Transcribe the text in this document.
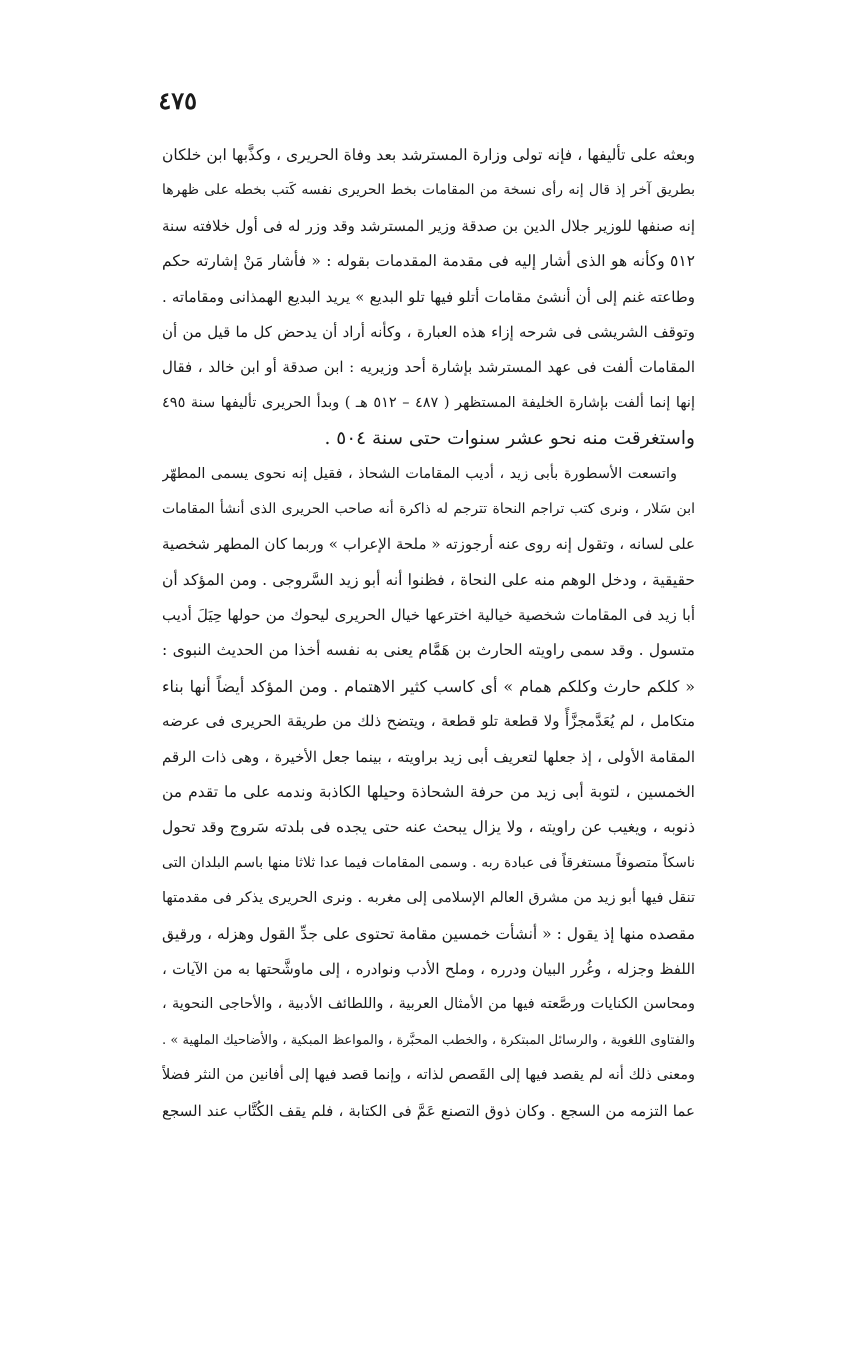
٤٧٥
وبعثه على تأليفها ، فإنه تولى وزارة المسترشد بعد وفاة الحريرى ، وكذَّبها ابن خلكان
بطريق آخر إذ قال إنه رأى نسخة من المقامات بخط الحريرى نفسه كَتب بخطه على ظهرها
إنه صنفها للوزير جلال الدين بن صدقة وزير المسترشد وقد وزر له فى أول خلافته سنة
٥١٢ وكأنه هو الذى أشار إليه فى مقدمة المقدمات بقوله : « فأشار مَنْ إشارته حكم
وطاعته غنم إلى أن أنشئ مقامات أتلو فيها تلو البديع » يريد البديع الهمذانى ومقاماته .
وتوقف الشريشى فى شرحه إزاء هذه العبارة ، وكأنه أراد أن يدحض كل ما قيل من أن
المقامات ألفت فى عهد المسترشد بإشارة أحد وزيريه : ابن صدقة أو ابن خالد ، فقال
إنها إنما ألفت بإشارة الخليفة المستظهر ( ٤٨٧ – ٥١٢ هـ ) وبدأ الحريرى تأليفها سنة ٤٩٥
واستغرقت منه نحو عشر سنوات حتى سنة ٥٠٤ .
واتسعت الأسطورة بأبى زيد ، أديب المقامات الشحاذ ، فقيل إنه نحوى يسمى المطهّر
ابن سَلار ، ونرى كتب تراجم النحاة تترجم له ذاكرة أنه صاحب الحريرى الذى أنشأ المقامات
على لسانه ، وتقول إنه روى عنه أرجوزته « ملحة الإعراب » وربما كان المطهر شخصية
حقيقية ، ودخل الوهم منه على النحاة ، فظنوا أنه أبو زيد السَّروجى . ومن المؤكد أن
أبا زيد فى المقامات شخصية خيالية اخترعها خيال الحريرى ليحوك من حولها حِيَلَ أديب
متسول . وقد سمى راويته الحارث بن هَمَّام يعنى به نفسه أخذا من الحديث النبوى :
« كلكم حارث وكلكم همام » أى كاسب كثير الاهتمام . ومن المؤكد أيضاً أنها بناء
متكامل ، لم يُعَدَّمجزَّأً ولا قطعة تلو قطعة ، ويتضح ذلك من طريقة الحريرى فى عرضه
المقامة الأولى ، إذ جعلها لتعريف أبى زيد براويته ، بينما جعل الأخيرة ، وهى ذات الرقم
الخمسين ، لتوبة أبى زيد من حرفة الشحاذة وحيلها الكاذبة وندمه على ما تقدم من
ذنوبه ، ويغيب عن راويته ، ولا يزال يبحث عنه حتى يجده فى بلدته سَروج وقد تحول
ناسكاً متصوفاً مستغرقاً فى عبادة ربه . وسمى المقامات فيما عدا ثلاثا منها باسم البلدان التى
تنقل فيها أبو زيد من مشرق العالم الإسلامى إلى مغربه . ونرى الحريرى يذكر فى مقدمتها
مقصده منها إذ يقول : « أنشأت خمسين مقامة تحتوى على جدِّ القول وهزله ، ورقيق
اللفظ وجزله ، وغُرر البيان ودرره ، وملح الأدب ونوادره ، إلى ماوشَّحتها به من الآيات ،
ومحاسن الكنايات ورصَّعته فيها من الأمثال العربية ، واللطائف الأدبية ، والأحاجى النحوية ،
والفتاوى اللغوية ، والرسائل المبتكرة ، والخطب المحبَّرة ، والمواعظ المبكية ، والأضاحيك الملهية » .
ومعنى ذلك أنه لم يقصد فيها إلى القَصص لذاته ، وإنما قصد فيها إلى أفانين من النثر فضلاً
عما التزمه من السجع . وكان ذوق التصنع عَمَّ فى الكتابة ، فلم يقف الكُتَّاب عند السجع
